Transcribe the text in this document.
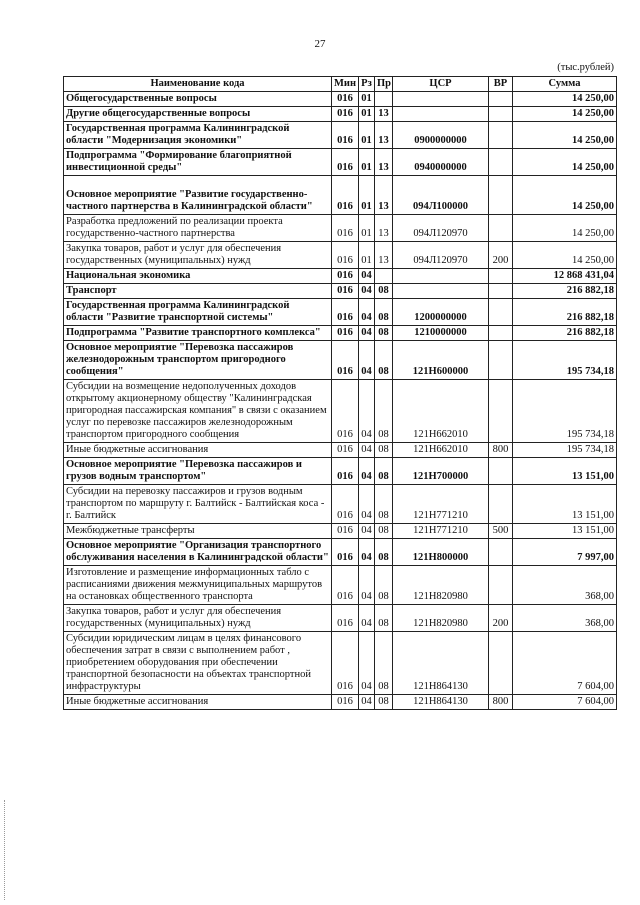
27
(тыс.рублей)
Наименование кода	Мин	Рз	Пр	ЦСР	ВР	Сумма
Общегосударственные вопросы	016	01				14 250,00
Другие общегосударственные вопросы	016	01	13			14 250,00
Государственная программа Калининградской области "Модернизация экономики"	016	01	13	0900000000		14 250,00
Подпрограмма "Формирование благоприятной инвестиционной среды"	016	01	13	0940000000		14 250,00
Основное мероприятие "Развитие государственно-частного партнерства в Калининградской области"	016	01	13	094Л100000		14 250,00
Разработка предложений по реализации проекта государственно-частного партнерства	016	01	13	094Л120970		14 250,00
Закупка товаров, работ и услуг для обеспечения государственных (муниципальных) нужд	016	01	13	094Л120970	200	14 250,00
Национальная экономика	016	04				12 868 431,04
Транспорт	016	04	08			216 882,18
Государственная программа Калининградской области "Развитие транспортной системы"	016	04	08	1200000000		216 882,18
Подпрограмма "Развитие транспортного комплекса"	016	04	08	1210000000		216 882,18
Основное мероприятие "Перевозка пассажиров железнодорожным транспортом пригородного сообщения"	016	04	08	121Н600000		195 734,18
Субсидии на возмещение недополученных доходов открытому акционерному обществу "Калининградская пригородная пассажирская компания" в связи с оказанием услуг по перевозке пассажиров железнодорожным транспортом пригородного сообщения	016	04	08	121Н662010		195 734,18
Иные бюджетные ассигнования	016	04	08	121Н662010	800	195 734,18
Основное мероприятие "Перевозка пассажиров и грузов водным транспортом"	016	04	08	121Н700000		13 151,00
Субсидии на перевозку пассажиров и грузов водным транспортом по маршруту г. Балтийск - Балтийская коса - г. Балтийск	016	04	08	121Н771210		13 151,00
Межбюджетные трансферты	016	04	08	121Н771210	500	13 151,00
Основное мероприятие "Организация транспортного обслуживания населения в Калининградской области"	016	04	08	121Н800000		7 997,00
Изготовление и размещение информационных табло с расписаниями движения межмуниципальных маршрутов на остановках общественного транспорта	016	04	08	121Н820980		368,00
Закупка товаров, работ и услуг для обеспечения государственных (муниципальных) нужд	016	04	08	121Н820980	200	368,00
Субсидии юридическим лицам в целях финансового обеспечения затрат в связи с выполнением работ , приобретением оборудования при обеспечении транспортной безопасности на объектах транспортной инфраструктуры	016	04	08	121Н864130		7 604,00
Иные бюджетные ассигнования	016	04	08	121Н864130	800	7 604,00
